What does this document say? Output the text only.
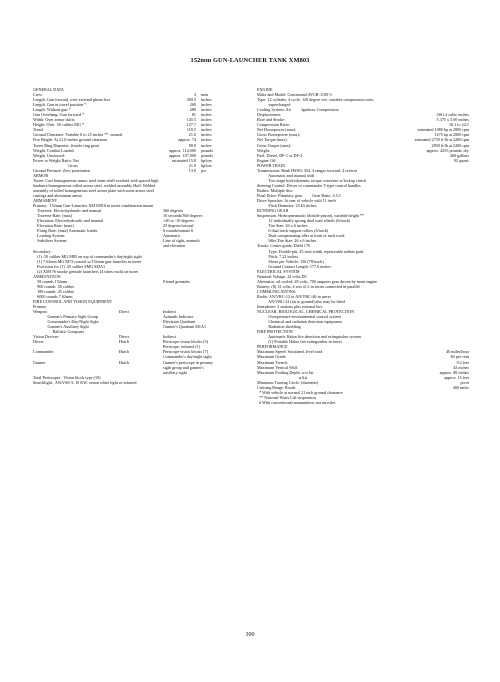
152mm GUN-LAUNCHER TANK XM803
GENERAL DATA
Crew:	3 men
Length: Gun forward, over external phone box	369.5 inches
Length: Gun in travel position *	269 inches
Length: Without gun *	288 inches
Gun Overhang: Gun forward *	81 inches
Width: Over armor skirts	145.5 inches
Height: Over .50 caliber MG *	127.7 inches
Tread:	118.5 inches
Ground Clearance: Variable 6 to 25 inches **  normal	21.0 inches
Fire Height: At 21.0 inches ground clearance	approx. 74 inches
Turret Ring Diameter: (inside ring gear)	80.0 inches
Weight, Combat Loaded:	approx. 114,000 pounds
Weight, Unstowed:	approx. 107,000 pounds
Power to Weight Ratio: Net	estimated 15.8 hp/ton
Gross	21.9 hp/ton
Ground Pressure: Zero penetration	13.0 psi
ARMOR
Turret: Cast homogeneous armor steel inner shell overlaid with spaced high
hardness homogeneous rolled armor steel, welded assembly Hull: Welded
assembly of rolled homogeneous steel armor plate with some armor steel
castings and aluminum armor
ARMAMENT
Primary:  152mm Gun-Launcher XM150E6 in turret combination mount
Traverse: Electrohydraulic and manual	360 degrees
Traverse Rate: (max)	10 seconds/360 degrees
Elevation: Electrohydraulic and manual	+20 to -10 degrees
Elevation Rate: (max)	25 degrees/second
Firing Rate: (max) Automatic loader	6 rounds/minute #
Loading System:	Automatic
Stabilizer System:	Line of sight, azimuth
and elevation
Secondary:
(1) .50 caliber MG M85 on top of commander's day/night sight
(1) 7.62mm MG M73 coaxial w/152mm gun-launcher in turret
Provision for (1) .45 caliber SMG M3A1
(2) XM176 smoke grenade launchers (4 tubes each) on turret
AMMUNITION
58 rounds 152mm	8 hand grenades
900 rounds .50 caliber
180 rounds .45 caliber
6000 rounds 7.62mm
FIRE CONTROL AND VISION EQUIPMENT
Primary
Weapon:	Direct	Indirect
Gunner's Primary Sight Group	Azimuth Indicator
Commander's Day/Night Sight	Elevation Quadrant
Gunner's Auxiliary Sight	Gunner's Quadrant M1A1
Ballistic Computer
Vision Devices:	Direct	Indirect
Driver	Hatch	Periscope vision blocks (3)
Periscope, infrared (1)
Commander	Hatch	Periscope vision blocks (7)
Commander's day/night sight
Gunner	Hatch	Gunner's periscope in primary
sight group and gunner's
auxiliary sight
Total Periscopes:  Vision block type (10)
Searchlight:  AN/VSS-3, 10 KW, xenon white light or infrared
ENGINE
Make and Model: Continental AVCR-1100-3
Type: 12 cylinder, 4 cycle, 120 degree vee, variable compression ratio,
supercharged
Cooling System: Air          Ignition: Compression
Displacement:	1361.4 cubic inches
Bore and Stroke:	5.375 x 5.00 inches
Compression Ratio:	10:1 to 22:1
Net Horsepower (max):	estimated 1080 hp at 2800 rpm
Gross Horsepower (max):	1475 hp at 2800 rpm
Net Torque (max):	estimated 2750 ft-lb at 2200 rpm
Gross Torque (max):	2850 ft-lb at 2200 rpm
Weight:	approx. 4255 pounds, dry
Fuel: Diesel, DF-1 or DF-2	400 gallons
Engine Oil:	92 quarts
POWER TRAIN
Transmission: Renk HSWL 354, 4 ranges forward, 4 reverse
Automatic and manual shift
Two stage hydrodynamic torque converter w/lockup clutch
Steering Control: Driver or commander T-type control handles
Brakes: Multiple disc
Final Drive: Planetary gear          Gear Ratio: 4.5:1
Drive Sprocket: At rear of vehicle with 11 teeth
Pitch Diameter: 25.63 inches
RUNNING GEAR
Suspension: Hydropneumatic (double piston), variable height **
12 individually sprung dual road wheels (6/track)
Tire Size: 26 x 6 inches
6 dual track support rollers (3/track)
Dual compensating idler at front of each track
Idler Tire Size: 26 x 6 inches
Tracks: Center guide, Diehl 170
Type: Double pin, 25 inch width, replaceable rubber pads
Pitch: 7.22 inches
Shoes per Vehicle: 156 (78/track)
Ground Contact Length: 177.0 inches
ELECTRICAL SYSTEM
Nominal Voltage: 24 volts DC
Alternator, oil cooled, 28 volts, 700 amperes gear driven by main engine
Battery: (8) 12 volts, 4 sets of 2 in series connected in parallel
COMMUNICATIONS:
Radio: AN/VRC-12 or AN/VRC-46 in turret
AN/VRC-24 (air to ground) also may be fitted
Interphone: 3 stations plus external box
NUCLEAR, BIOLOGICAL, CHEMICAL PROTECTION
Overpressure environmental control system
Chemical and radiation detection equipment
Radiation shielding
FIRE PROTECTION
Automatic Halon fire detection and extinguisher system
(1) Portable Halon fire extinguisher in turret
PERFORMANCE
Maximum Speed: Sustained, level road	40 miles/hour
Maximum Grade:	60 per cent
Maximum Trench:	9.2 feet
Maximum Vertical Wall:	43 inches
Maximum Fording Depth: w/o kit	approx. 88 inches
w/kit	approx. 16 feet
Minimum Turning Circle: (diameter)	pivot
Cruising Range: Roads	400 miles
* With vehicle at normal 21 inch ground clearance
** National Water Lift suspension
# With conventional ammunition, not missiles
300
